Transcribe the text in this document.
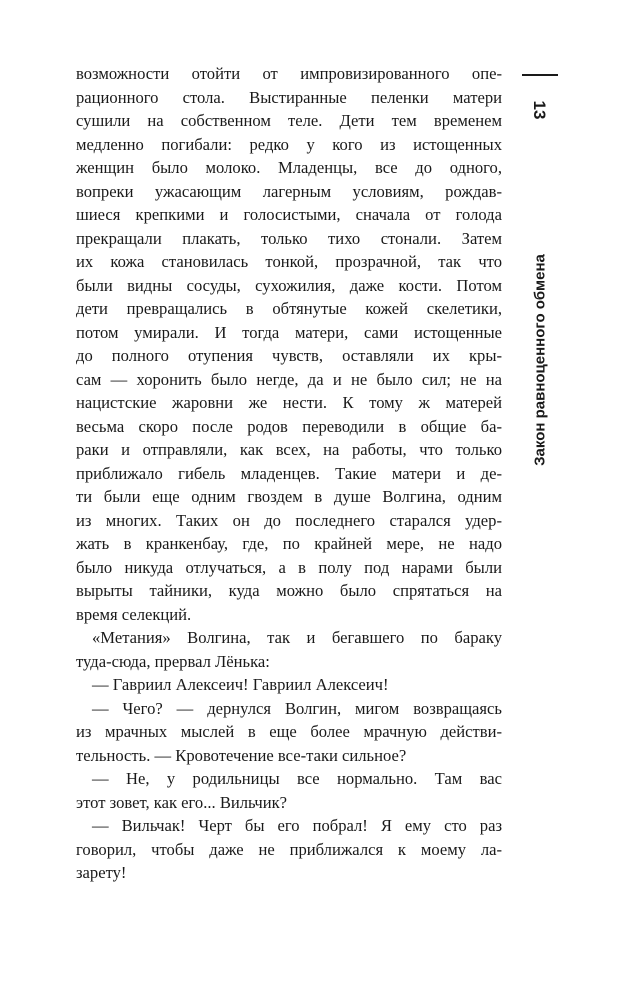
13
Закон равноценного обмена
возможности отойти от импровизированного опе-
рационного стола. Выстиранные пеленки матери
сушили на собственном теле. Дети тем временем
медленно погибали: редко у кого из истощенных
женщин было молоко. Младенцы, все до одного,
вопреки ужасающим лагерным условиям, рождав-
шиеся крепкими и голосистыми, сначала от голода
прекращали плакать, только тихо стонали. Затем
их кожа становилась тонкой, прозрачной, так что
были видны сосуды, сухожилия, даже кости. Потом
дети превращались в обтянутые кожей скелетики,
потом умирали. И тогда матери, сами истощенные
до полного отупения чувств, оставляли их кры-
сам — хоронить было негде, да и не было сил; не на
нацистские жаровни же нести. К тому ж матерей
весьма скоро после родов переводили в общие ба-
раки и отправляли, как всех, на работы, что только
приближало гибель младенцев. Такие матери и де-
ти были еще одним гвоздем в душе Волгина, одним
из многих. Таких он до последнего старался удер-
жать в кранкенбау, где, по крайней мере, не надо
было никуда отлучаться, а в полу под нарами были
вырыты тайники, куда можно было спрятаться на
время селекций.
«Метания» Волгина, так и бегавшего по бараку
туда-сюда, прервал Лёнька:
— Гавриил Алексеич! Гавриил Алексеич!
— Чего? — дернулся Волгин, мигом возвращаясь
из мрачных мыслей в еще более мрачную действи-
тельность. — Кровотечение все-таки сильное?
— Не, у родильницы все нормально. Там вас
этот зовет, как его... Вильчик?
— Вильчак! Черт бы его побрал! Я ему сто раз
говорил, чтобы даже не приближался к моему ла-
зарету!
